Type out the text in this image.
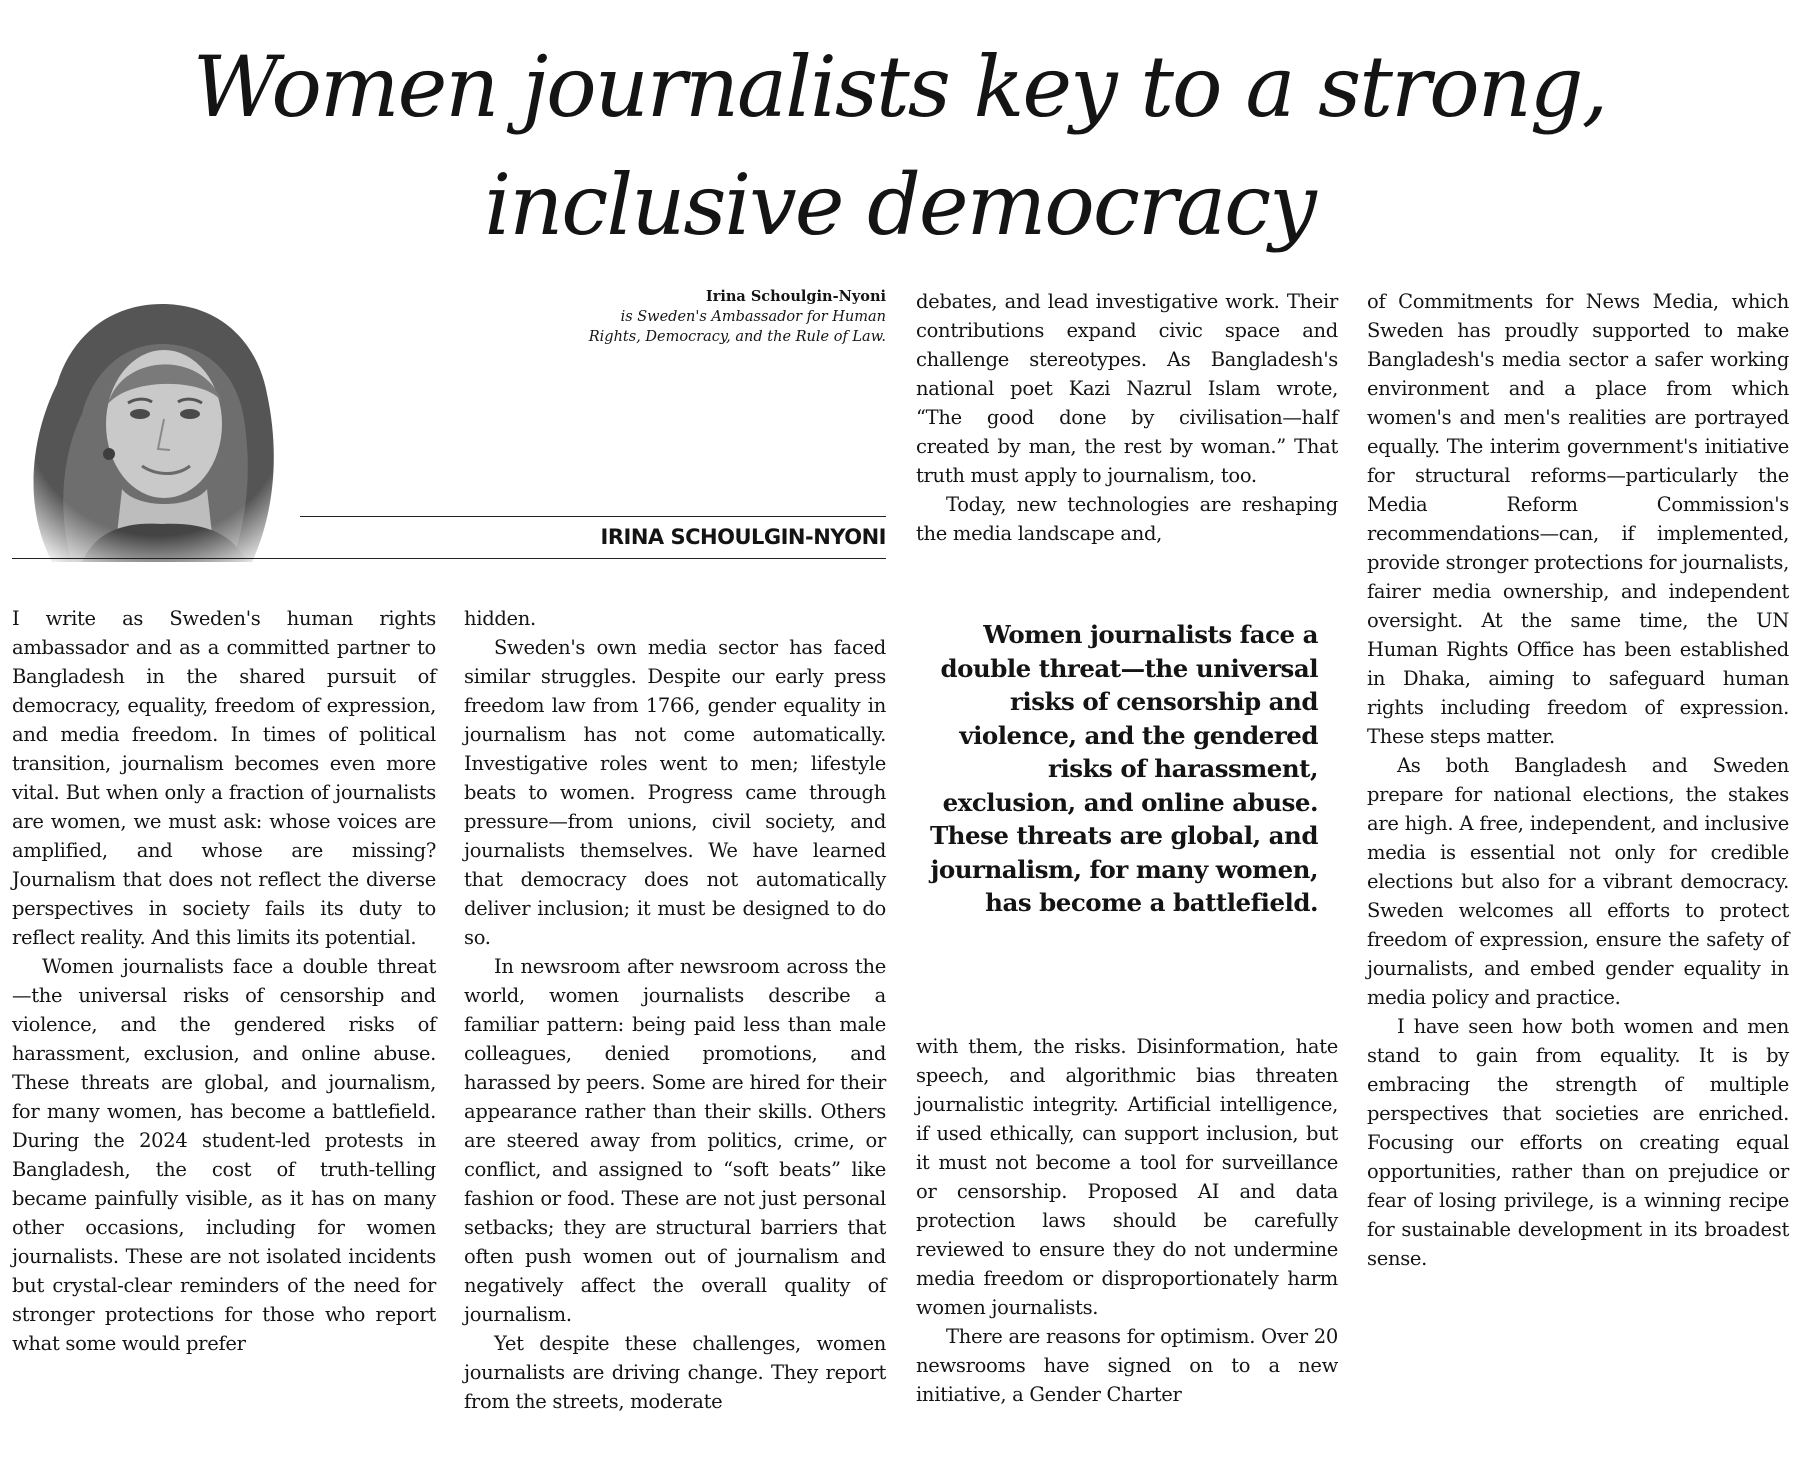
Women journalists key to a strong,
inclusive democracy
Irina Schoulgin-Nyoni
is Sweden's Ambassador for Human
Rights, Democracy, and the Rule of Law.
IRINA SCHOULGIN-NYONI

I write as Sweden's human rights ambassador and as a committed partner to Bangladesh in the shared pursuit of democracy, equality, freedom of expression, and media freedom. In times of political transition, journalism becomes even more vital. But when only a fraction of journalists are women, we must ask: whose voices are amplified, and whose are missing? Journalism that does not reflect the diverse perspectives in society fails its duty to reflect reality. And this limits its potential.

Women journalists face a double threat—the universal risks of censorship and violence, and the gendered risks of harassment, exclusion, and online abuse. These threats are global, and journalism, for many women, has become a battlefield. During the 2024 student-led protests in Bangladesh, the cost of truth-telling became painfully visible, as it has on many other occasions, including for women journalists. These are not isolated incidents but crystal-clear reminders of the need for stronger protections for those who report what some would prefer

hidden.

Sweden's own media sector has faced similar struggles. Despite our early press freedom law from 1766, gender equality in journalism has not come automatically. Investigative roles went to men; lifestyle beats to women. Progress came through pressure—from unions, civil society, and journalists themselves. We have learned that democracy does not automatically deliver inclusion; it must be designed to do so.

In newsroom after newsroom across the world, women journalists describe a familiar pattern: being paid less than male colleagues, denied promotions, and harassed by peers. Some are hired for their appearance rather than their skills. Others are steered away from politics, crime, or conflict, and assigned to “soft beats” like fashion or food. These are not just personal setbacks; they are structural barriers that often push women out of journalism and negatively affect the overall quality of journalism.

Yet despite these challenges, women journalists are driving change. They report from the streets, moderate

debates, and lead investigative work. Their contributions expand civic space and challenge stereotypes. As Bangladesh's national poet Kazi Nazrul Islam wrote, “The good done by civilisation—half created by man, the rest by woman.” That truth must apply to journalism, too.

Today, new technologies are reshaping the media landscape and,

Women journalists face a double threat—the universal risks of censorship and violence, and the gendered risks of harassment, exclusion, and online abuse. These threats are global, and journalism, for many women, has become a battlefield.

with them, the risks. Disinformation, hate speech, and algorithmic bias threaten journalistic integrity. Artificial intelligence, if used ethically, can support inclusion, but it must not become a tool for surveillance or censorship. Proposed AI and data protection laws should be carefully reviewed to ensure they do not undermine media freedom or disproportionately harm women journalists.

There are reasons for optimism. Over 20 newsrooms have signed on to a new initiative, a Gender Charter

of Commitments for News Media, which Sweden has proudly supported to make Bangladesh's media sector a safer working environment and a place from which women's and men's realities are portrayed equally. The interim government's initiative for structural reforms—particularly the Media Reform Commission's recommendations—can, if implemented, provide stronger protections for journalists, fairer media ownership, and independent oversight. At the same time, the UN Human Rights Office has been established in Dhaka, aiming to safeguard human rights including freedom of expression. These steps matter.

As both Bangladesh and Sweden prepare for national elections, the stakes are high. A free, independent, and inclusive media is essential not only for credible elections but also for a vibrant democracy. Sweden welcomes all efforts to protect freedom of expression, ensure the safety of journalists, and embed gender equality in media policy and practice.

I have seen how both women and men stand to gain from equality. It is by embracing the strength of multiple perspectives that societies are enriched. Focusing our efforts on creating equal opportunities, rather than on prejudice or fear of losing privilege, is a winning recipe for sustainable development in its broadest sense.
